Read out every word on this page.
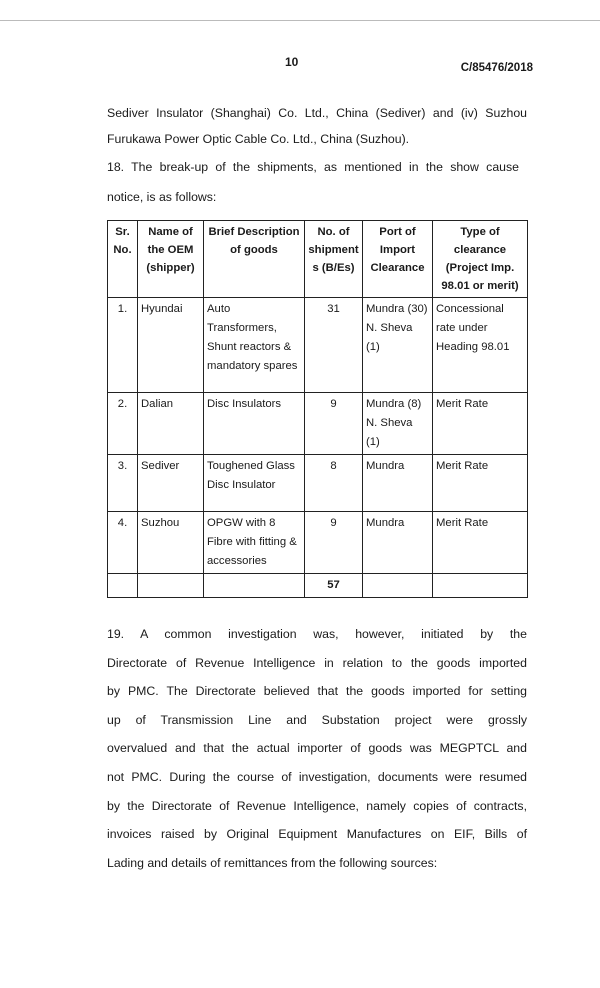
10	C/85476/2018
Sediver Insulator (Shanghai) Co. Ltd., China (Sediver) and (iv) Suzhou
Furukawa Power Optic Cable Co. Ltd., China (Suzhou).
18. The break-up of the shipments, as mentioned in the show cause
notice, is as follows:
Sr. No.	Name of the OEM (shipper)	Brief Description of goods	No. of shipments (B/Es)	Port of Import Clearance	Type of clearance (Project Imp. 98.01 or merit)
1.	Hyundai	Auto Transformers, Shunt reactors & mandatory spares	31	Mundra (30) N. Sheva (1)	Concessional rate under Heading 98.01
2.	Dalian	Disc Insulators	9	Mundra (8) N. Sheva (1)	Merit Rate
3.	Sediver	Toughened Glass Disc Insulator	8	Mundra	Merit Rate
4.	Suzhou	OPGW with 8 Fibre with fitting & accessories	9	Mundra	Merit Rate
			57		
19. A common investigation was, however, initiated by the
Directorate of Revenue Intelligence in relation to the goods imported
by PMC. The Directorate believed that the goods imported for setting
up of Transmission Line and Substation project were grossly
overvalued and that the actual importer of goods was MEGPTCL and
not PMC. During the course of investigation, documents were resumed
by the Directorate of Revenue Intelligence, namely copies of contracts,
invoices raised by Original Equipment Manufactures on EIF, Bills of
Lading and details of remittances from the following sources:
